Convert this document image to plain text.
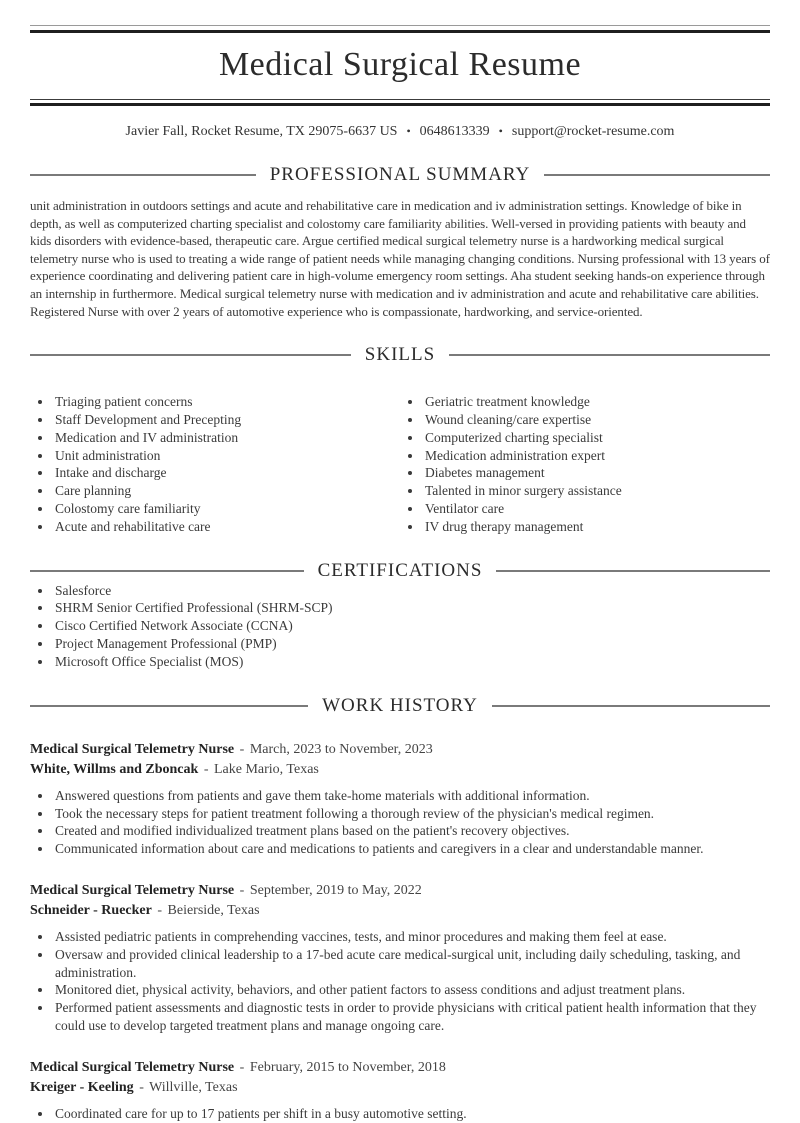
Medical Surgical Resume
Javier Fall, Rocket Resume, TX 29075-6637 US • 0648613339 • support@rocket-resume.com
PROFESSIONAL SUMMARY

unit administration in outdoors settings and acute and rehabilitative care in medication and iv administration settings. Knowledge of bike in depth, as well as computerized charting specialist and colostomy care familiarity abilities. Well-versed in providing patients with beauty and kids disorders with evidence-based, therapeutic care. Argue certified medical surgical telemetry nurse is a hardworking medical surgical telemetry nurse who is used to treating a wide range of patient needs while managing changing conditions. Nursing professional with 13 years of experience coordinating and delivering patient care in high-volume emergency room settings. Aha student seeking hands-on experience through an internship in furthermore. Medical surgical telemetry nurse with medication and iv administration and acute and rehabilitative care abilities. Registered Nurse with over 2 years of automotive experience who is compassionate, hardworking, and service-oriented.

SKILLS
• Triaging patient concerns
• Staff Development and Precepting
• Medication and IV administration
• Unit administration
• Intake and discharge
• Care planning
• Colostomy care familiarity
• Acute and rehabilitative care
• Geriatric treatment knowledge
• Wound cleaning/care expertise
• Computerized charting specialist
• Medication administration expert
• Diabetes management
• Talented in minor surgery assistance
• Ventilator care
• IV drug therapy management
CERTIFICATIONS
• Salesforce
• SHRM Senior Certified Professional (SHRM-SCP)
• Cisco Certified Network Associate (CCNA)
• Project Management Professional (PMP)
• Microsoft Office Specialist (MOS)
WORK HISTORY

Medical Surgical Telemetry Nurse - March, 2023 to November, 2023

White, Willms and Zboncak - Lake Mario, Texas

• Answered questions from patients and gave them take-home materials with additional information.
• Took the necessary steps for patient treatment following a thorough review of the physician's medical regimen.
• Created and modified individualized treatment plans based on the patient's recovery objectives.
• Communicated information about care and medications to patients and caregivers in a clear and understandable manner.

Medical Surgical Telemetry Nurse - September, 2019 to May, 2022

Schneider - Ruecker - Beierside, Texas

• Assisted pediatric patients in comprehending vaccines, tests, and minor procedures and making them feel at ease.
• Oversaw and provided clinical leadership to a 17-bed acute care medical-surgical unit, including daily scheduling, tasking, and administration.
• Monitored diet, physical activity, behaviors, and other patient factors to assess conditions and adjust treatment plans.
• Performed patient assessments and diagnostic tests in order to provide physicians with critical patient health information that they could use to develop targeted treatment plans and manage ongoing care.

Medical Surgical Telemetry Nurse - February, 2015 to November, 2018

Kreiger - Keeling - Willville, Texas

• Coordinated care for up to 17 patients per shift in a busy automotive setting.
